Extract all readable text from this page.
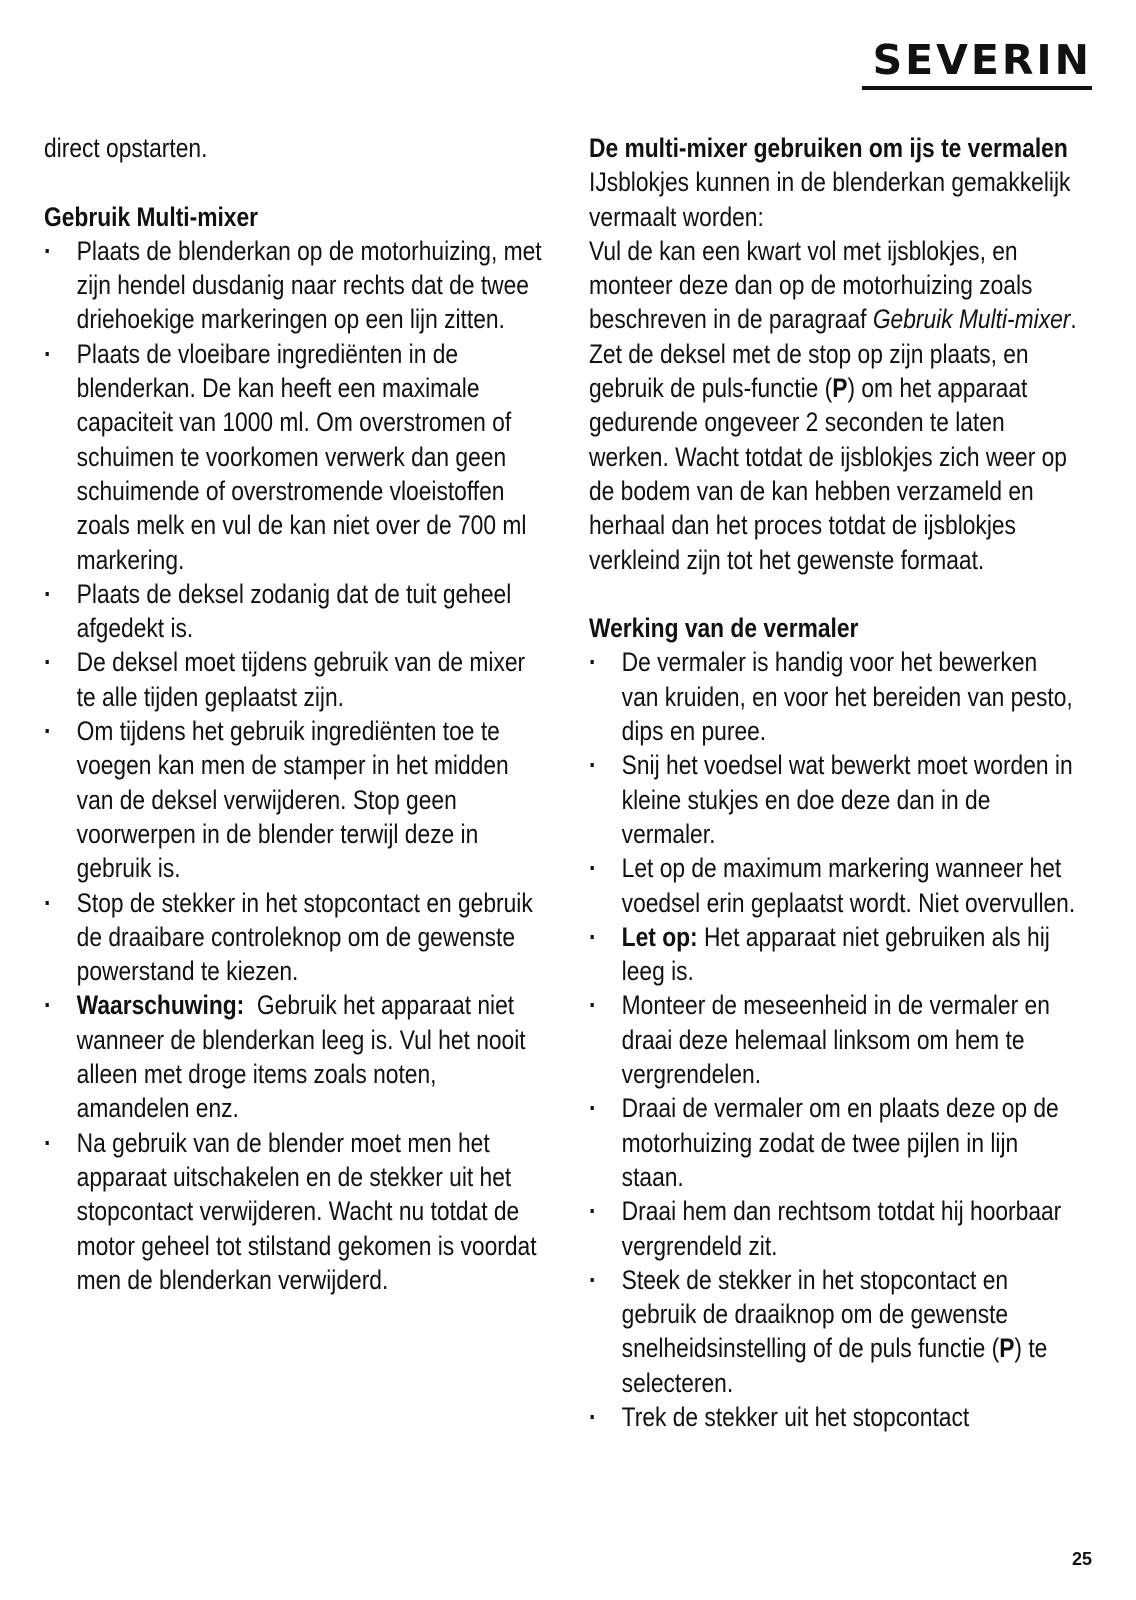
SEVERIN

direct opstarten.

Gebruik Multi-mixer

· Plaats de blenderkan op de motorhuizing, met zijn hendel dusdanig naar rechts dat de twee driehoekige markeringen op een lijn zitten.
· Plaats de vloeibare ingrediënten in de blenderkan. De kan heeft een maximale capaciteit van 1000 ml. Om overstromen of schuimen te voorkomen verwerk dan geen schuimende of overstromende vloeistoffen zoals melk en vul de kan niet over de 700 ml markering.
· Plaats de deksel zodanig dat de tuit geheel afgedekt is.
· De deksel moet tijdens gebruik van de mixer te alle tijden geplaatst zijn.
· Om tijdens het gebruik ingrediënten toe te voegen kan men de stamper in het midden van de deksel verwijderen. Stop geen voorwerpen in de blender terwijl deze in gebruik is.
· Stop de stekker in het stopcontact en gebruik de draaibare controleknop om de gewenste powerstand te kiezen.
· Waarschuwing: Gebruik het apparaat niet wanneer de blenderkan leeg is. Vul het nooit alleen met droge items zoals noten, amandelen enz.
· Na gebruik van de blender moet men het apparaat uitschakelen en de stekker uit het stopcontact verwijderen. Wacht nu totdat de motor geheel tot stilstand gekomen is voordat men de blenderkan verwijderd.

De multi-mixer gebruiken om ijs te vermalen

IJsblokjes kunnen in de blenderkan gemakkelijk vermaalt worden:

Vul de kan een kwart vol met ijsblokjes, en monteer deze dan op de motorhuizing zoals beschreven in de paragraaf Gebruik Multi-mixer. Zet de deksel met de stop op zijn plaats, en gebruik de puls-functie (P) om het apparaat gedurende ongeveer 2 seconden te laten werken. Wacht totdat de ijsblokjes zich weer op de bodem van de kan hebben verzameld en herhaal dan het proces totdat de ijsblokjes verkleind zijn tot het gewenste formaat.

Werking van de vermaler

· De vermaler is handig voor het bewerken van kruiden, en voor het bereiden van pesto, dips en puree.
· Snij het voedsel wat bewerkt moet worden in kleine stukjes en doe deze dan in de vermaler.
· Let op de maximum markering wanneer het voedsel erin geplaatst wordt. Niet overvullen.
· Let op: Het apparaat niet gebruiken als hij leeg is.
· Monteer de meseenheid in de vermaler en draai deze helemaal linksom om hem te vergrendelen.
· Draai de vermaler om en plaats deze op de motorhuizing zodat de twee pijlen in lijn staan.
· Draai hem dan rechtsom totdat hij hoorbaar vergrendeld zit.
· Steek de stekker in het stopcontact en gebruik de draaiknop om de gewenste snelheidsinstelling of de puls functie (P) te selecteren.
· Trek de stekker uit het stopcontact
25
